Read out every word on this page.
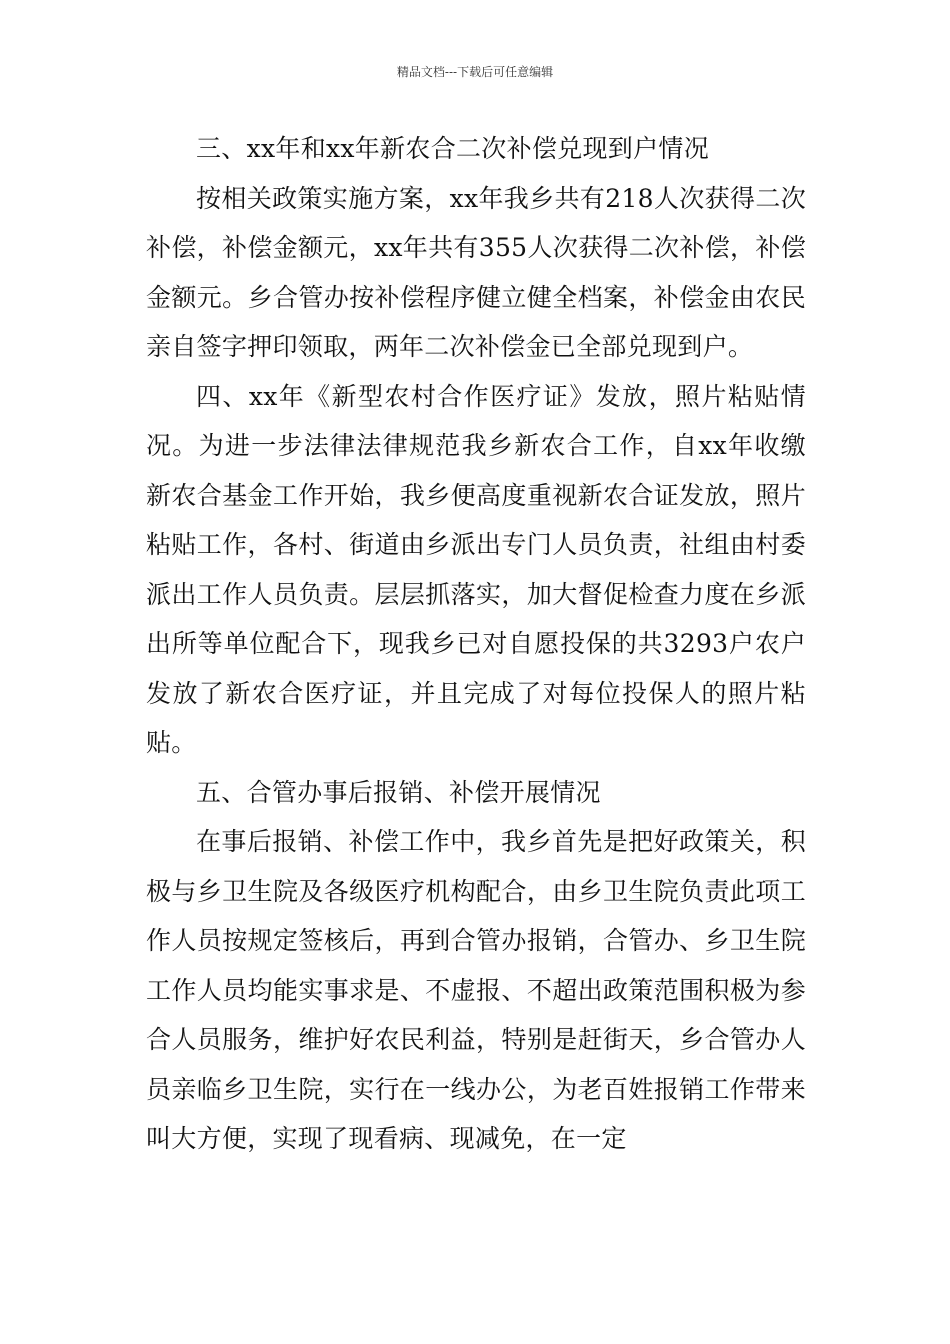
精品文档---下载后可任意编辑

三、xx年和xx年新农合二次补偿兑现到户情况

按相关政策实施方案，xx年我乡共有218人次获得二次补偿，补偿金额元，xx年共有355人次获得二次补偿，补偿金额元。乡合管办按补偿程序健立健全档案，补偿金由农民亲自签字押印领取，两年二次补偿金已全部兑现到户。

四、xx年《新型农村合作医疗证》发放，照片粘贴情况。为进一步法律法律规范我乡新农合工作，自xx年收缴新农合基金工作开始，我乡便高度重视新农合证发放，照片粘贴工作，各村、街道由乡派出专门人员负责，社组由村委派出工作人员负责。层层抓落实，加大督促检查力度在乡派出所等单位配合下，现我乡已对自愿投保的共3293户农户发放了新农合医疗证，并且完成了对每位投保人的照片粘贴。

五、合管办事后报销、补偿开展情况

在事后报销、补偿工作中，我乡首先是把好政策关，积极与乡卫生院及各级医疗机构配合，由乡卫生院负责此项工作人员按规定签核后，再到合管办报销，合管办、乡卫生院工作人员均能实事求是、不虚报、不超出政策范围积极为参合人员服务，维护好农民利益，特别是赶街天，乡合管办人员亲临乡卫生院，实行在一线办公，为老百姓报销工作带来叫大方便，实现了现看病、现减免，在一定
